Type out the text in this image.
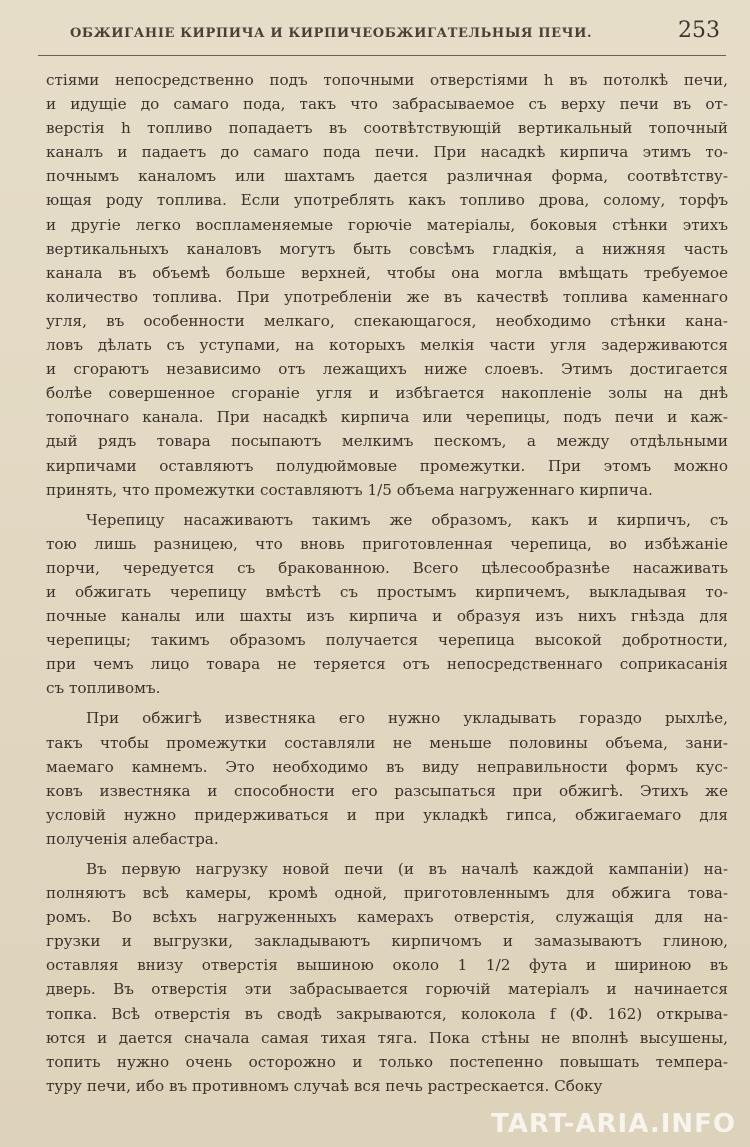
ОБЖИГАНІЕ КИРПИЧА И КИРПИЧЕОБЖИГАТЕЛЬНЫЯ ПЕЧИ.	253
стіями непосредственно подъ топочными отверстіями h въ потолкѣ печи,
и идущіе до самаго пода, такъ что забрасываемое съ верху печи въ от-
верстія h топливо попадаетъ въ соотвѣтствующій вертикальный топочный
каналъ и падаетъ до самаго пода печи. При насадкѣ кирпича этимъ то-
почнымъ каналомъ или шахтамъ дается различная форма, соотвѣтству-
ющая роду топлива. Если употреблять какъ топливо дрова, солому, торфъ
и другіе легко воспламеняемые горючіе матеріалы, боковыя стѣнки этихъ
вертикальныхъ каналовъ могутъ быть совсѣмъ гладкія, а нижняя часть
канала въ объемѣ больше верхней, чтобы она могла вмѣщать требуемое
количество топлива. При употребленіи же въ качествѣ топлива каменнаго
угля, въ особенности мелкаго, спекающагося, необходимо стѣнки кана-
ловъ дѣлать съ уступами, на которыхъ мелкія части угля задерживаются
и сгораютъ независимо отъ лежащихъ ниже слоевъ. Этимъ достигается
болѣе совершенное сгораніе угля и избѣгается накопленіе золы на днѣ
топочнаго канала. При насадкѣ кирпича или черепицы, подъ печи и каж-
дый рядъ товара посыпаютъ мелкимъ пескомъ, а между отдѣльными
кирпичами оставляютъ полудюймовые промежутки. При этомъ можно
принять, что промежутки составляютъ 1/5 объема нагруженнаго кирпича.
Черепицу насаживаютъ такимъ же образомъ, какъ и кирпичъ, съ
тою лишь разницею, что вновь приготовленная черепица, во избѣжаніе
порчи, чередуется съ бракованною. Всего цѣлесообразнѣе насаживать
и обжигать черепицу вмѣстѣ съ простымъ кирпичемъ, выкладывая то-
почные каналы или шахты изъ кирпича и образуя изъ нихъ гнѣзда для
черепицы; такимъ образомъ получается черепица высокой добротности,
при чемъ лицо товара не теряется отъ непосредственнаго соприкасанія
съ топливомъ.
При обжигѣ известняка его нужно укладывать гораздо рыхлѣе,
такъ чтобы промежутки составляли не меньше половины объема, зани-
маемаго камнемъ. Это необходимо въ виду неправильности формъ кус-
ковъ известняка и способности его разсыпаться при обжигѣ. Этихъ же
условій нужно придерживаться и при укладкѣ гипса, обжигаемаго для
полученія алебастра.
Въ первую нагрузку новой печи (и въ началѣ каждой кампаніи) на-
полняютъ всѣ камеры, кромѣ одной, приготовленнымъ для обжига това-
ромъ. Во всѣхъ нагруженныхъ камерахъ отверстія, служащія для на-
грузки и выгрузки, закладываютъ кирпичомъ и замазываютъ глиною,
оставляя внизу отверстія вышиною около 1 1/2 фута и шириною въ
дверь. Въ отверстія эти забрасывается горючій матеріалъ и начинается
топка. Всѣ отверстія въ сводѣ закрываются, колокола f (Ф. 162) открыва-
ются и дается сначала самая тихая тяга. Пока стѣны не вполнѣ высушены,
топить нужно очень осторожно и только постепенно повышать темпера-
туру печи, ибо въ противномъ случаѣ вся печь растрескается. Сбоку
TART-ARIA.INFO
